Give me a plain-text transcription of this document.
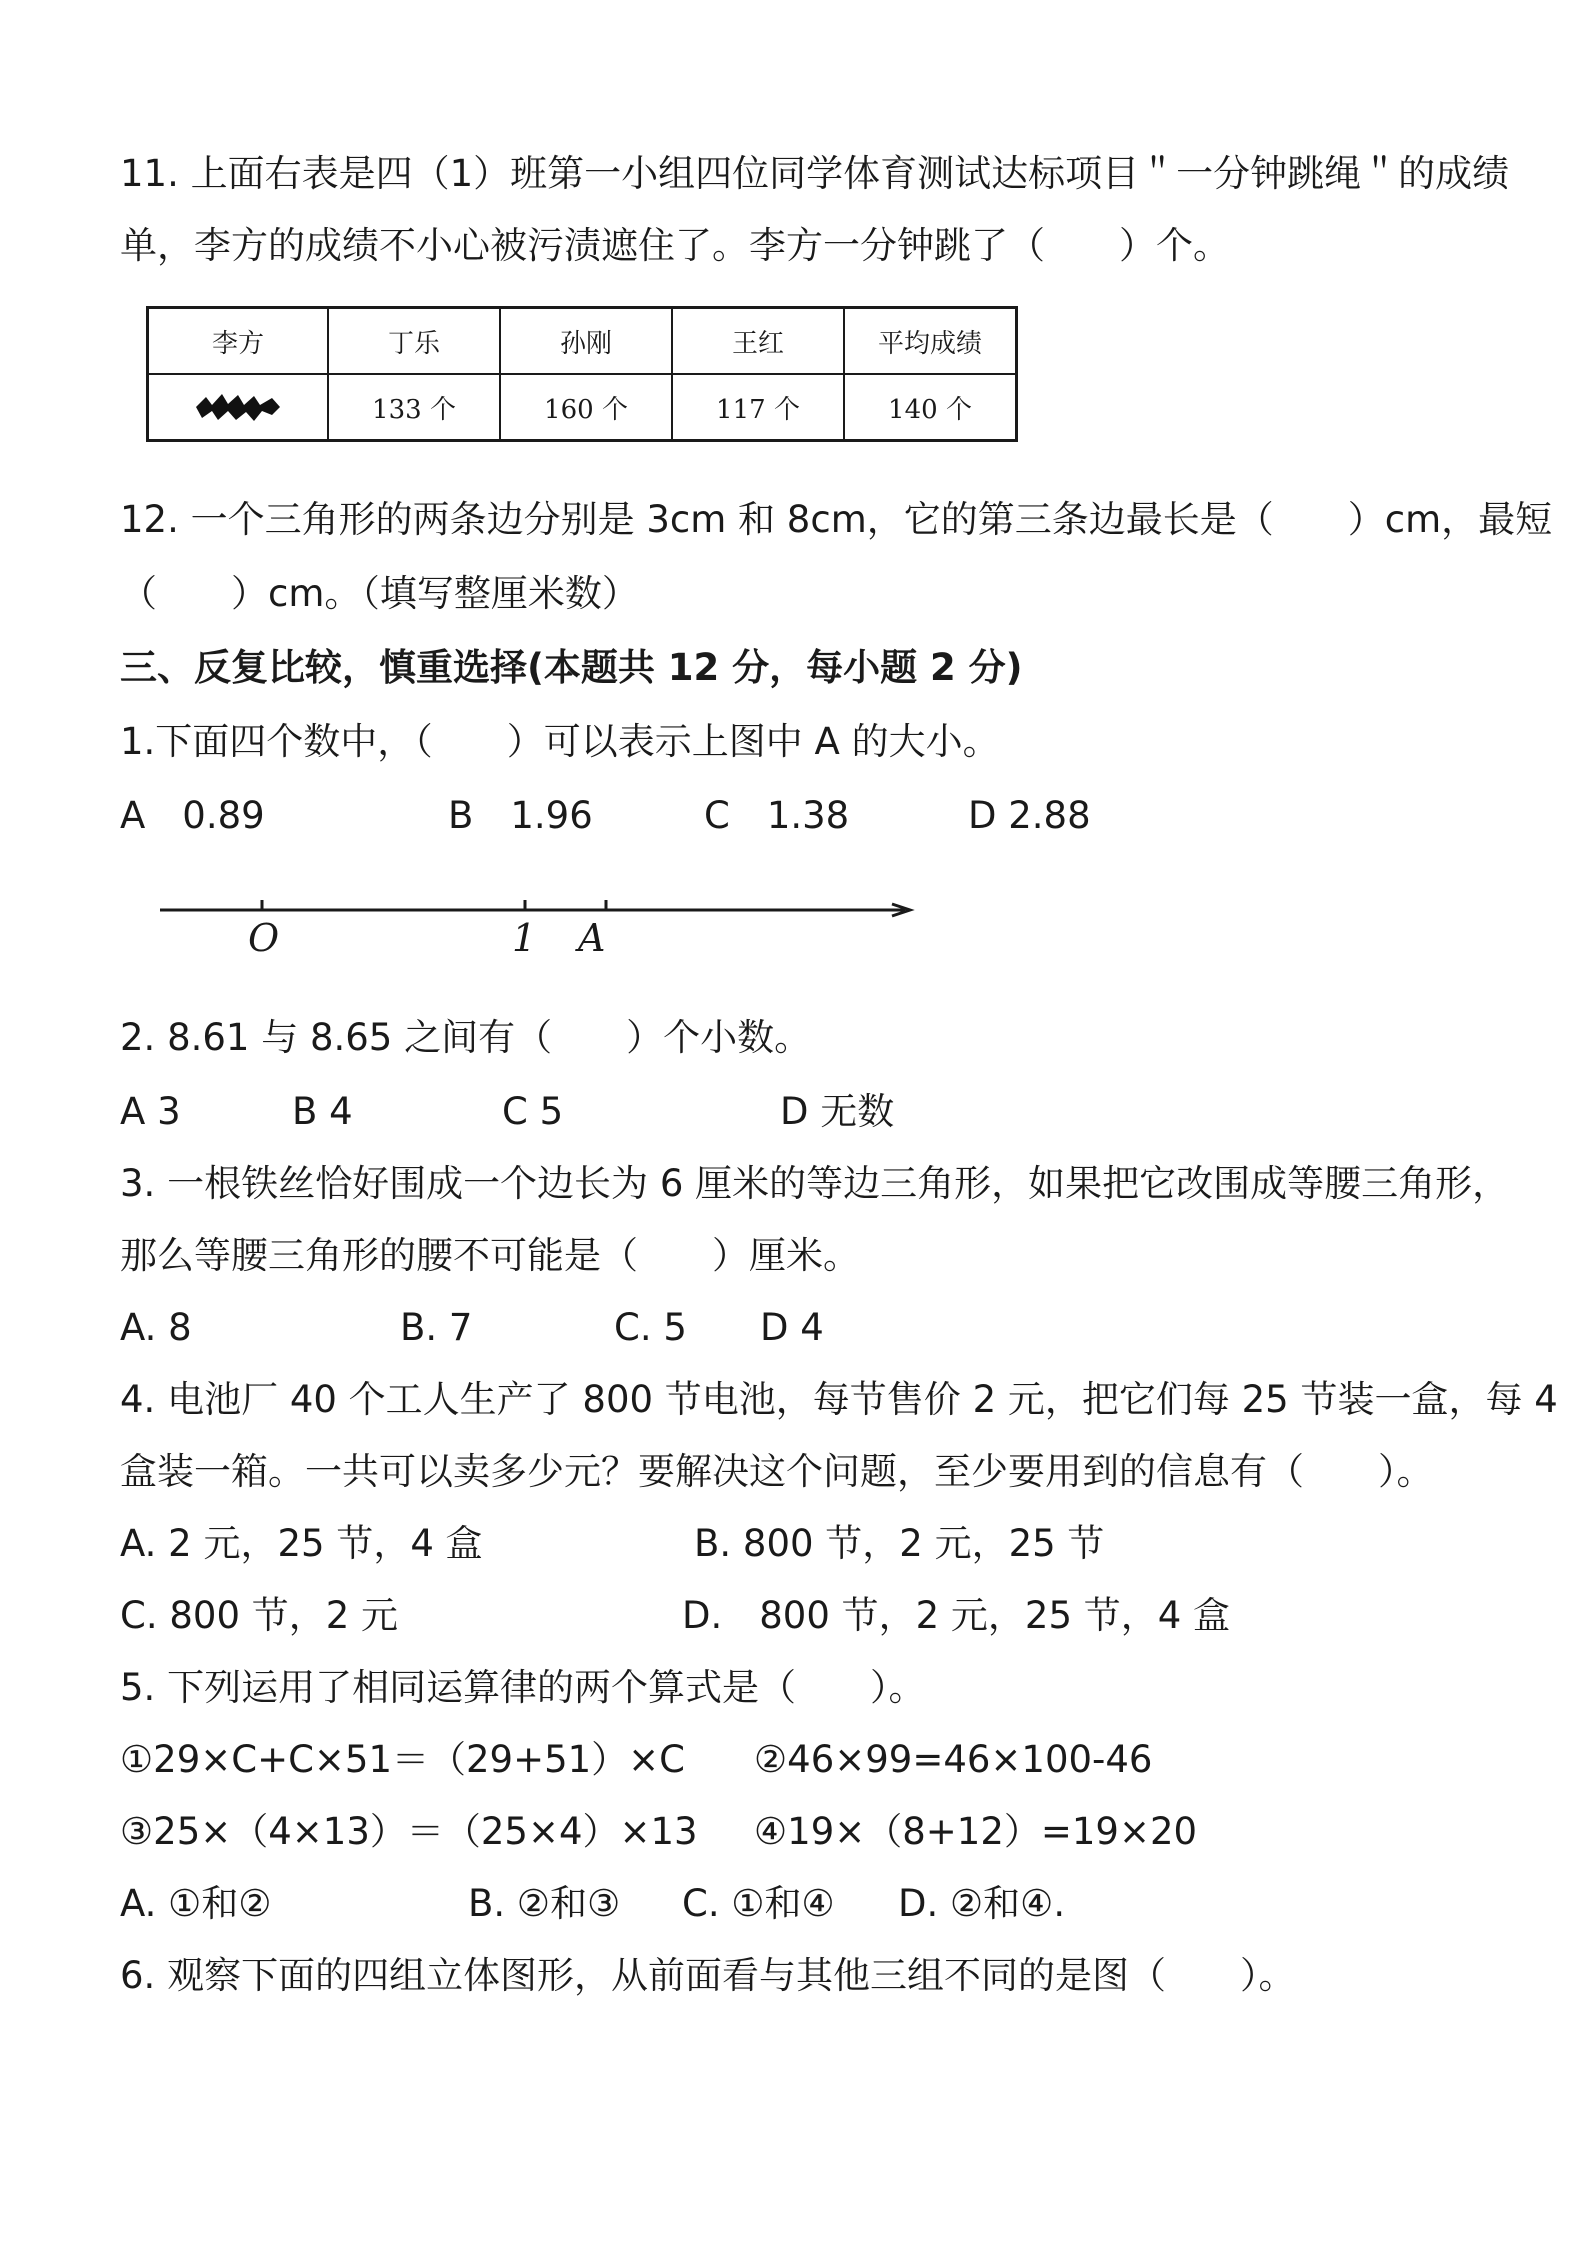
11. 上面右表是四（1）班第一小组四位同学体育测试达标项目＂一分钟跳绳＂的成绩
单，李方的成绩不小心被污渍遮住了。李方一分钟跳了（　　）个。
李方	丁乐	孙刚	王红	平均成绩
	133 个	160 个	117 个	140 个
12. 一个三角形的两条边分别是 3cm 和 8cm，它的第三条边最长是（　　）cm，最短
（　　）cm。（填写整厘米数）
三、反复比较，慎重选择(本题共 12 分，每小题 2 分)
1.下面四个数中，（　　）可以表示上图中 A 的大小。
A　0.89	B　1.96	C　1.38	D 2.88
O	1 A
2. 8.61 与 8.65 之间有（　　）个小数。
A 3	B 4	C 5	D 无数
3. 一根铁丝恰好围成一个边长为 6 厘米的等边三角形，如果把它改围成等腰三角形，
那么等腰三角形的腰不可能是（　　）厘米。
A. 8	B. 7	C. 5 D 4
4. 电池厂 40 个工人生产了 800 节电池，每节售价 2 元，把它们每 25 节装一盒，每 4
盒装一箱。一共可以卖多少元？要解决这个问题，至少要用到的信息有（　　）。
A. 2 元，25 节，4 盒	B. 800 节，2 元，25 节
C. 800 节，2 元	D.　800 节，2 元，25 节，4 盒
5. 下列运用了相同运算律的两个算式是（　　）。
①29×C+C×51＝（29+51）×C ②46×99=46×100-46
③25×（4×13）＝（25×4）×13 ④19×（8+12）=19×20
A. ①和②	B. ②和③ C. ①和④ D. ②和④.
6. 观察下面的四组立体图形，从前面看与其他三组不同的是图（　　）。
